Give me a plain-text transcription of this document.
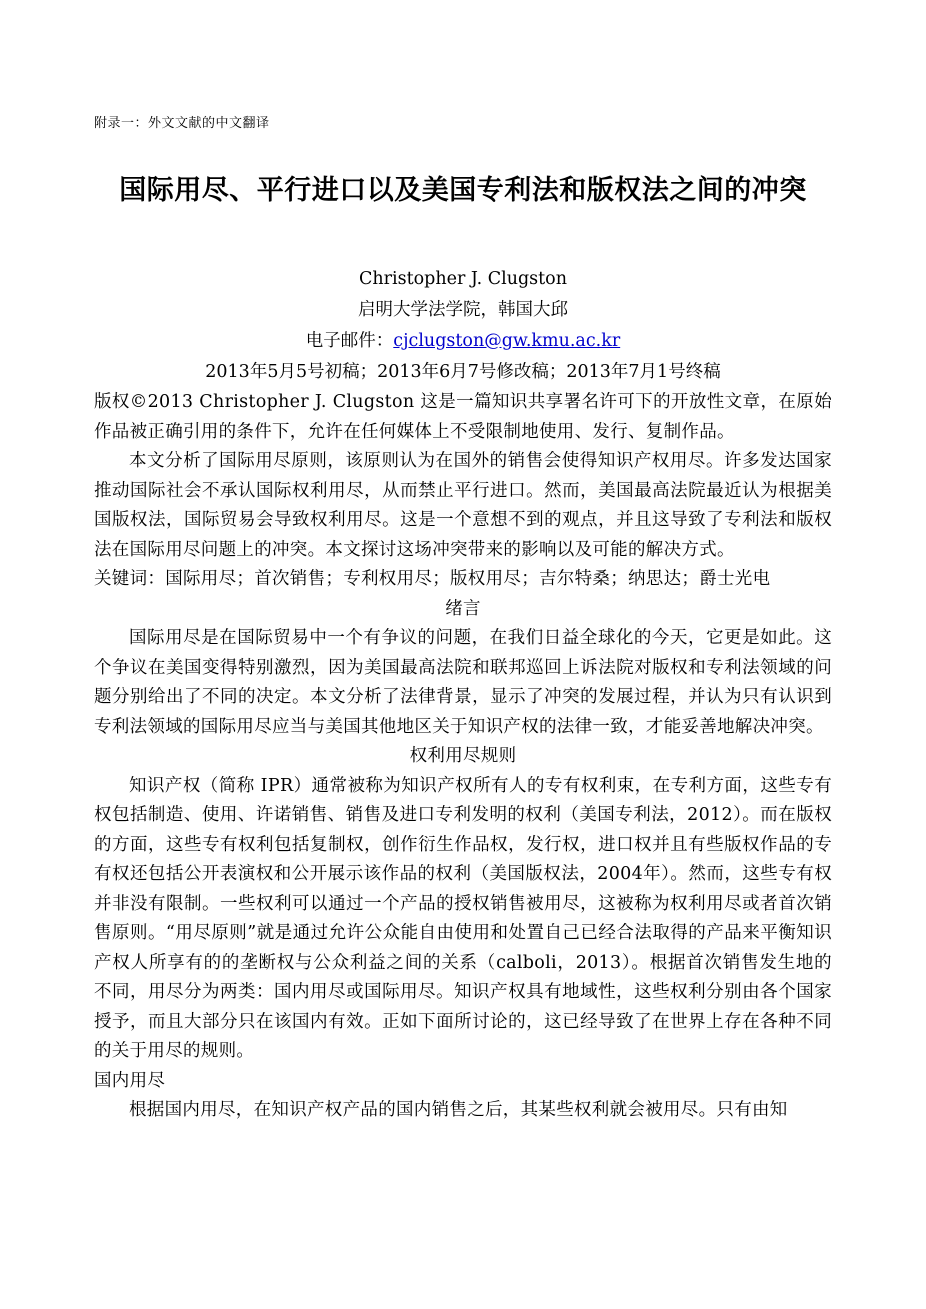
附录一：外文文献的中文翻译
国际用尽、平行进口以及美国专利法和版权法之间的冲突
Christopher J. Clugston
启明大学法学院，韩国大邱
电子邮件：cjclugston@gw.kmu.ac.kr
2013年5月5号初稿；2013年6月7号修改稿；2013年7月1号终稿

版权©2013 Christopher J. Clugston 这是一篇知识共享署名许可下的开放性文章，在原始作品被正确引用的条件下，允许在任何媒体上不受限制地使用、发行、复制作品。

本文分析了国际用尽原则，该原则认为在国外的销售会使得知识产权用尽。许多发达国家推动国际社会不承认国际权利用尽，从而禁止平行进口。然而，美国最高法院最近认为根据美国版权法，国际贸易会导致权利用尽。这是一个意想不到的观点，并且这导致了专利法和版权法在国际用尽问题上的冲突。本文探讨这场冲突带来的影响以及可能的解决方式。

关键词：国际用尽；首次销售；专利权用尽；版权用尽；吉尔特桑；纳思达；爵士光电

绪言

国际用尽是在国际贸易中一个有争议的问题，在我们日益全球化的今天，它更是如此。这个争议在美国变得特别激烈，因为美国最高法院和联邦巡回上诉法院对版权和专利法领域的问题分别给出了不同的决定。本文分析了法律背景，显示了冲突的发展过程，并认为只有认识到专利法领域的国际用尽应当与美国其他地区关于知识产权的法律一致，才能妥善地解决冲突。

权利用尽规则

知识产权（简称 IPR）通常被称为知识产权所有人的专有权利束，在专利方面，这些专有权包括制造、使用、许诺销售、销售及进口专利发明的权利（美国专利法，2012）。而在版权的方面，这些专有权利包括复制权，创作衍生作品权，发行权，进口权并且有些版权作品的专有权还包括公开表演权和公开展示该作品的权利（美国版权法，2004年）。然而，这些专有权并非没有限制。一些权利可以通过一个产品的授权销售被用尽，这被称为权利用尽或者首次销售原则。“用尽原则”就是通过允许公众能自由使用和处置自己已经合法取得的产品来平衡知识产权人所享有的的垄断权与公众利益之间的关系（calboli，2013）。根据首次销售发生地的不同，用尽分为两类：国内用尽或国际用尽。知识产权具有地域性，这些权利分别由各个国家授予，而且大部分只在该国内有效。正如下面所讨论的，这已经导致了在世界上存在各种不同的关于用尽的规则。

国内用尽

根据国内用尽，在知识产权产品的国内销售之后，其某些权利就会被用尽。只有由知
